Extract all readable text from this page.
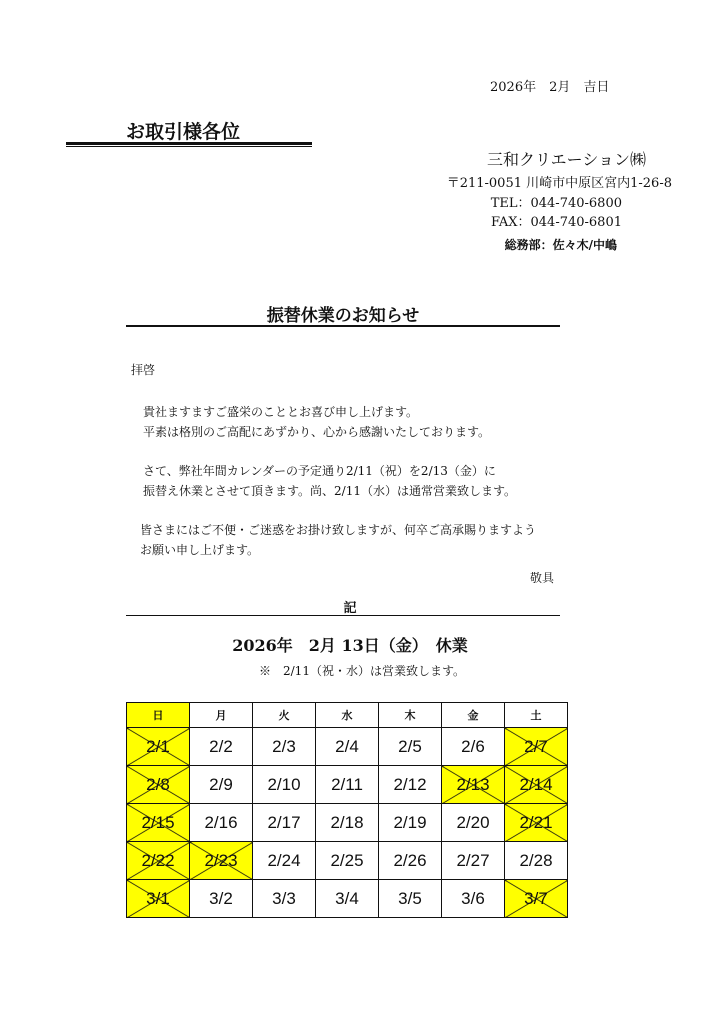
2026年　2月　吉日
お取引様各位
三和クリエーション㈱
〒211-0051 川崎市中原区宮内1-26-8
TEL：044-740-6800
FAX：044-740-6801
総務部：佐々木/中嶋
振替休業のお知らせ
拝啓

貴社ますますご盛栄のこととお喜び申し上げます。
平素は格別のご高配にあずかり、心から感謝いたしております。

さて、弊社年間カレンダーの予定通り2/11（祝）を2/13（金）に
振替え休業とさせて頂きます。尚、2/11（水）は通常営業致します。

皆さまにはご不便・ご迷惑をお掛け致しますが、何卒ご高承賜りますよう
お願い申し上げます。

敬具
記
2026年　2月 13日（金）　休業
※　2/11（祝・水）は営業致します。
日	月	火	水	木	金	土
2/1	2/2	2/3	2/4	2/5	2/6	2/7
2/8	2/9	2/10	2/11	2/12	2/13	2/14
2/15	2/16	2/17	2/18	2/19	2/20	2/21
2/22	2/23	2/24	2/25	2/26	2/27	2/28
3/1	3/2	3/3	3/4	3/5	3/6	3/7
